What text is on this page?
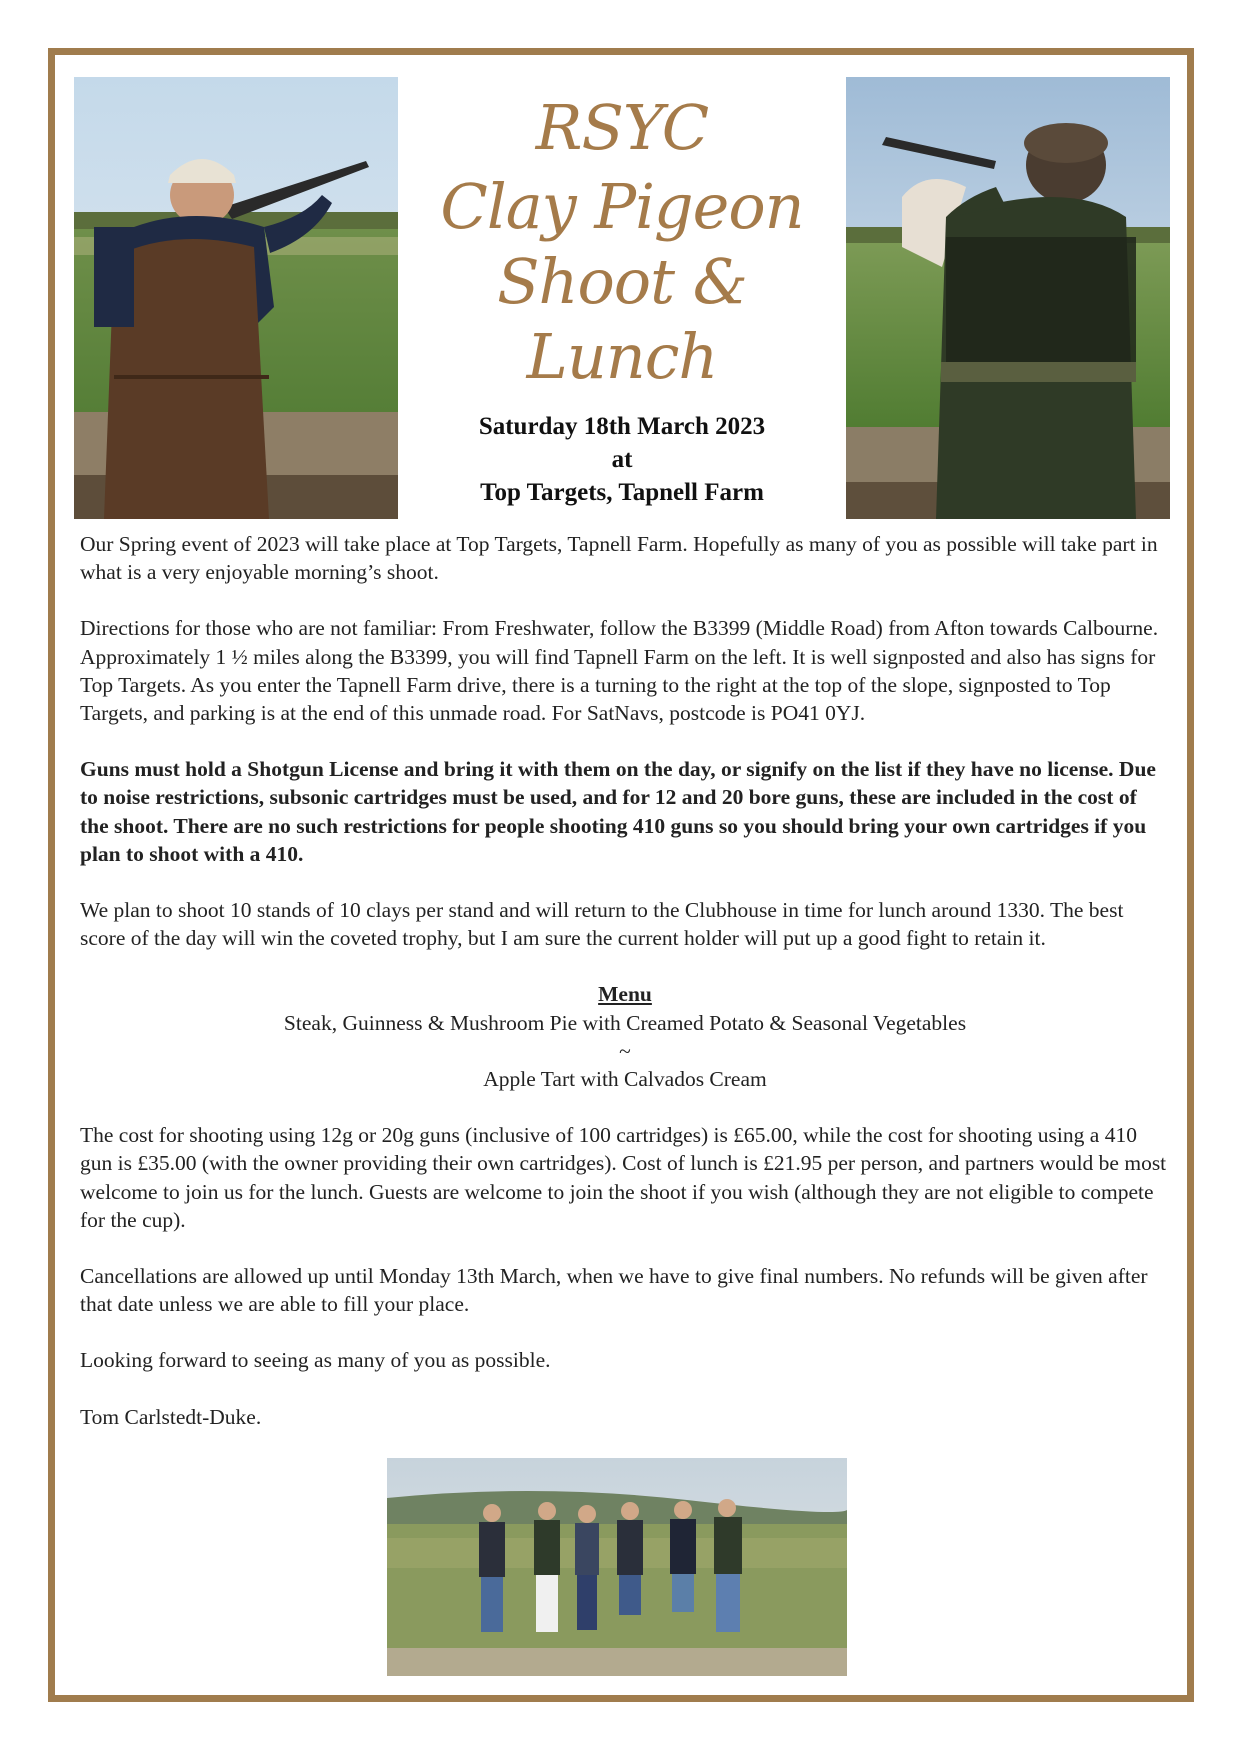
RSYC
Clay Pigeon
Shoot & Lunch
Saturday 18th March 2023
at
Top Targets, Tapnell Farm

Our Spring event of 2023 will take place at Top Targets, Tapnell Farm. Hopefully as many of you as possible will take part in what is a very enjoyable morning’s shoot.

Directions for those who are not familiar: From Freshwater, follow the B3399 (Middle Road) from Afton towards Calbourne. Approximately 1 ½ miles along the B3399, you will find Tapnell Farm on the left. It is well signposted and also has signs for Top Targets. As you enter the Tapnell Farm drive, there is a turning to the right at the top of the slope, signposted to Top Targets, and parking is at the end of this unmade road. For SatNavs, postcode is PO41 0YJ.

Guns must hold a Shotgun License and bring it with them on the day, or signify on the list if they have no license. Due to noise restrictions, subsonic cartridges must be used, and for 12 and 20 bore guns, these are included in the cost of the shoot. There are no such restrictions for people shooting 410 guns so you should bring your own cartridges if you plan to shoot with a 410.

We plan to shoot 10 stands of 10 clays per stand and will return to the Clubhouse in time for lunch around 1330. The best score of the day will win the coveted trophy, but I am sure the current holder will put up a good fight to retain it.

Menu
Steak, Guinness & Mushroom Pie with Creamed Potato & Seasonal Vegetables
~
Apple Tart with Calvados Cream

The cost for shooting using 12g or 20g guns (inclusive of 100 cartridges) is £65.00, while the cost for shooting using a 410 gun is £35.00 (with the owner providing their own cartridges). Cost of lunch is £21.95 per person, and partners would be most welcome to join us for the lunch. Guests are welcome to join the shoot if you wish (although they are not eligible to compete for the cup).

Cancellations are allowed up until Monday 13th March, when we have to give final numbers. No refunds will be given after that date unless we are able to fill your place.

Looking forward to seeing as many of you as possible.

Tom Carlstedt-Duke.
